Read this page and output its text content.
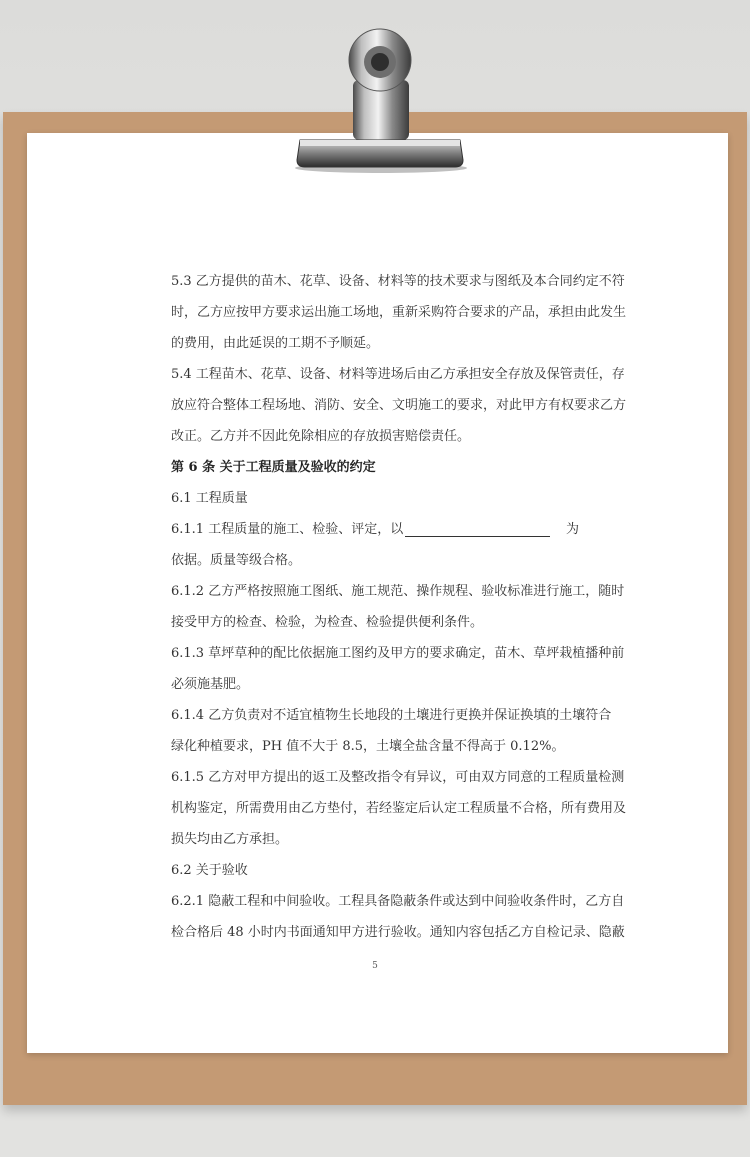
5.3 乙方提供的苗木、花草、设备、材料等的技术要求与图纸及本合同约定不符
时，乙方应按甲方要求运出施工场地，重新采购符合要求的产品，承担由此发生
的费用，由此延误的工期不予顺延。
5.4 工程苗木、花草、设备、材料等进场后由乙方承担安全存放及保管责任，存
放应符合整体工程场地、消防、安全、文明施工的要求，对此甲方有权要求乙方
改正。乙方并不因此免除相应的存放损害赔偿责任。
第 6 条 关于工程质量及验收的约定
6.1 工程质量
6.1.1 工程质量的施工、检验、评定，以	为
依据。质量等级合格。
6.1.2 乙方严格按照施工图纸、施工规范、操作规程、验收标准进行施工，随时
接受甲方的检查、检验，为检查、检验提供便利条件。
6.1.3 草坪草种的配比依据施工图约及甲方的要求确定，苗木、草坪栽植播种前
必须施基肥。
6.1.4 乙方负责对不适宜植物生长地段的土壤进行更换并保证换填的土壤符合
绿化种植要求，PH 值不大于 8.5，土壤全盐含量不得高于 0.12%。
6.1.5 乙方对甲方提出的返工及整改指令有异议，可由双方同意的工程质量检测
机构鉴定，所需费用由乙方垫付，若经鉴定后认定工程质量不合格，所有费用及
损失均由乙方承担。
6.2 关于验收
6.2.1 隐蔽工程和中间验收。工程具备隐蔽条件或达到中间验收条件时，乙方自
检合格后 48 小时内书面通知甲方进行验收。通知内容包括乙方自检记录、隐蔽
5
